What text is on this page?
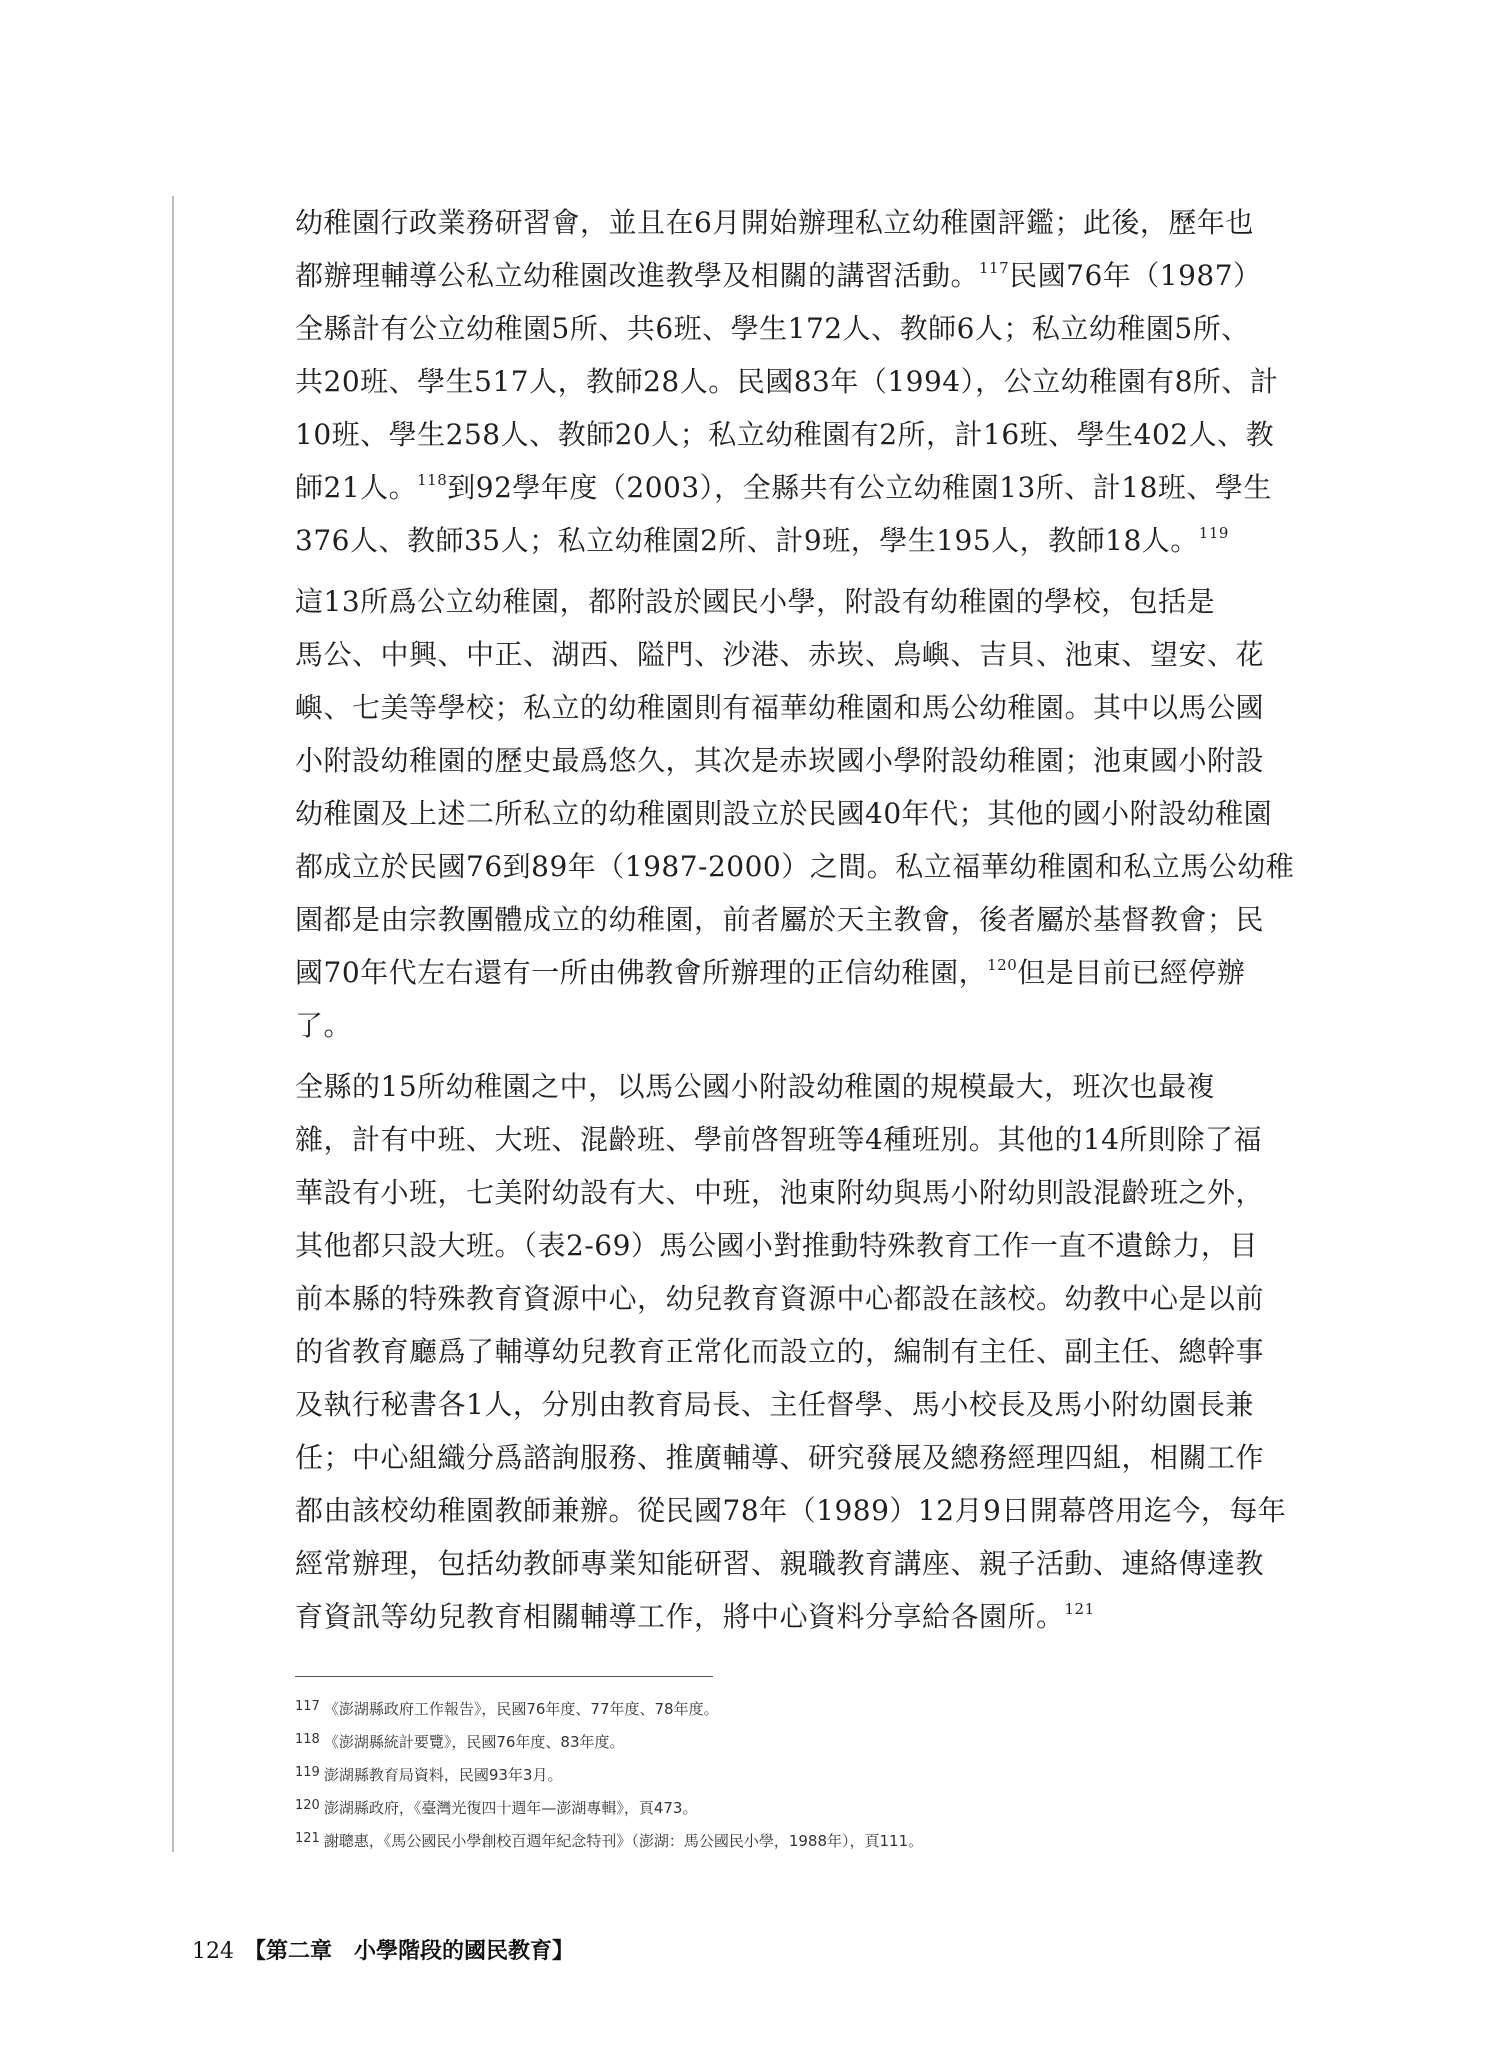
幼稚園行政業務研習會，並且在6月開始辦理私立幼稚園評鑑；此後，歷年也
都辦理輔導公私立幼稚園改進教學及相關的講習活動。$^{117}$民國76年（1987）
全縣計有公立幼稚園5所、共6班、學生172人、教師6人；私立幼稚園5所、
共20班、學生517人，教師28人。民國83年（1994），公立幼稚園有8所、計
10班、學生258人、教師20人；私立幼稚園有2所，計16班、學生402人、教
師21人。$^{118}$到92學年度（2003），全縣共有公立幼稚園13所、計18班、學生
376人、教師35人；私立幼稚園2所、計9班，學生195人，教師18人。$^{119}$
這13所爲公立幼稚園，都附設於國民小學，附設有幼稚園的學校，包括是
馬公、中興、中正、湖西、隘門、沙港、赤崁、鳥嶼、吉貝、池東、望安、花
嶼、七美等學校；私立的幼稚園則有福華幼稚園和馬公幼稚園。其中以馬公國
小附設幼稚園的歷史最爲悠久，其次是赤崁國小學附設幼稚園；池東國小附設
幼稚園及上述二所私立的幼稚園則設立於民國40年代；其他的國小附設幼稚園
都成立於民國76到89年（1987-2000）之間。私立福華幼稚園和私立馬公幼稚
園都是由宗教團體成立的幼稚園，前者屬於天主教會，後者屬於基督教會；民
國70年代左右還有一所由佛教會所辦理的正信幼稚園，$^{120}$但是目前已經停辦
了。
全縣的15所幼稚園之中，以馬公國小附設幼稚園的規模最大，班次也最複
雜，計有中班、大班、混齡班、學前啓智班等4種班別。其他的14所則除了福
華設有小班，七美附幼設有大、中班，池東附幼與馬小附幼則設混齡班之外，
其他都只設大班。（表2-69）馬公國小對推動特殊教育工作一直不遺餘力，目
前本縣的特殊教育資源中心，幼兒教育資源中心都設在該校。幼教中心是以前
的省教育廳爲了輔導幼兒教育正常化而設立的，編制有主任、副主任、總幹事
及執行秘書各1人，分別由教育局長、主任督學、馬小校長及馬小附幼園長兼
任；中心組織分爲諮詢服務、推廣輔導、研究發展及總務經理四組，相關工作
都由該校幼稚園教師兼辦。從民國78年（1989）12月9日開幕啓用迄今，每年
經常辦理，包括幼教師專業知能研習、親職教育講座、親子活動、連絡傳達教
育資訊等幼兒教育相關輔導工作，將中心資料分享給各園所。$^{121}$
117 《澎湖縣政府工作報告》，民國76年度、77年度、78年度。
118 《澎湖縣統計要覽》，民國76年度、83年度。
119 澎湖縣教育局資料，民國93年3月。
120 澎湖縣政府，《臺灣光復四十週年—澎湖專輯》，頁473。
121 謝聰惠，《馬公國民小學創校百週年紀念特刊》（澎湖：馬公國民小學，1988年），頁111。
124 【第二章　小學階段的國民教育】
